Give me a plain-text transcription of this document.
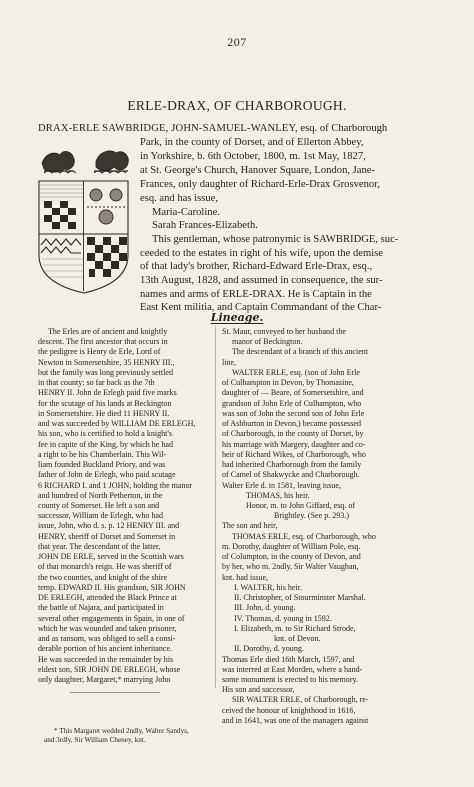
207
ERLE-DRAX, OF CHARBOROUGH.
DRAX-ERLE SAWBRIDGE, JOHN-SAMUEL-WANLEY, esq. of Charborough
Park, in the county of Dorset, and of Ellerton Abbey,
in Yorkshire, b. 6th October, 1800, m. 1st May, 1827,
at St. George's Church, Hanover Square, London, Jane-
Frances, only daughter of Richard-Erle-Drax Grosvenor,
esq. and has issue,
Maria-Caroline.
Sarah Frances-Elizabeth.
This gentleman, whose patronymic is SAWBRIDGE, suc-
ceeded to the estates in right of his wife, upon the demise
of that lady's brother, Richard-Edward Erle-Drax, esq.,
13th August, 1828, and assumed in consequence, the sur-
names and arms of ERLE-DRAX. He is Captain in the
East Kent militia, and Captain Commandant of the Char-
Lineage.
The Erles are of ancient and knightly
descent. The first ancestor that occurs in
the pedigree is Henry de Erle, Lord of
Newton in Somersetshire, 35 HENRY III.,
but the family was long previously settled
in that county: so far back as the 7th
HENRY II. John de Erlegh paid five marks
for the scutage of his lands at Beckington
in Somersetshire. He died 11 HENRY II.
and was succeeded by WILLIAM DE ERLEGH,
his son, who is certified to hold a knight's
fee in capite of the King, by which he had
a right to be his Chamberlain. This Wil-
liam founded Buckland Priory, and was
father of John de Erlegh, who paid scutage
6 RICHARD I. and 1 JOHN, holding the manor
and hundred of North Petherton, in the
county of Somerset. He left a son and
successor, William de Erlegh, who had
issue, John, who d. s. p. 12 HENRY III. and
HENRY, sheriff of Dorset and Somerset in
that year. The descendant of the latter,
JOHN DE ERLE, served in the Scottish wars
of that monarch's reign. He was sheriff of
the two counties, and knight of the shire
temp. EDWARD II. His grandson, SIR JOHN
DE ERLEGH, attended the Black Prince at
the battle of Najara, and participated in
several other engagements in Spain, in one of
which he was wounded and taken prisoner,
and as ransom, was obliged to sell a consi-
derable portion of his ancient inheritance.
He was succeeded in the remainder by his
eldest son, SIR JOHN DE ERLEGH, whose
only daughter, Margaret,* marrying John
St. Maur, conveyed to her husband the
manor of Beckington.
The descendant of a branch of this ancient
line,
WALTER ERLE, esq. (son of John Erle
of Culhampton in Devon, by Thomasine,
daughter of — Beare, of Somersetshire, and
grandson of John Erle of Culhampton, who
was son of John the second son of John Erle
of Ashburton in Devon,) became possessed
of Charborough, in the county of Dorset, by
his marriage with Margery, daughter and co-
heir of Richard Wikes, of Charborough, who
had inherited Charborough from the family
of Camel of Shakwycke and Charborough.
Walter Erle d. in 1581, leaving issue,
THOMAS, his heir.
Honor, m. to John Giffard, esq. of
Brightley. (See p. 293.)
The son and heir,
THOMAS ERLE, esq. of Charborough, who
m. Dorothy, daughter of William Pole, esq.
of Columpton, in the county of Devon, and
by her, who m. 2ndly, Sir Walter Vaughan,
knt. had issue,
I. WALTER, his heir.
II. Christopher, of Stourminster Marshal.
III. John, d. young.
IV. Thomas, d. young in 1592.
I. Elizabeth, m. to Sir Richard Strode,
knt. of Devon.
II. Dorothy, d. young.
Thomas Erle died 16th March, 1597, and
was interred at East Morden, where a hand-
some monument is erected to his memory.
His son and successor,
SIR WALTER ERLE, of Charborough, re-
ceived the honour of knighthood in 1616,
and in 1641, was one of the managers against
* This Margaret wedded 2ndly, Walter Sandys,
and 3rdly, Sir William Cheney, knt.
